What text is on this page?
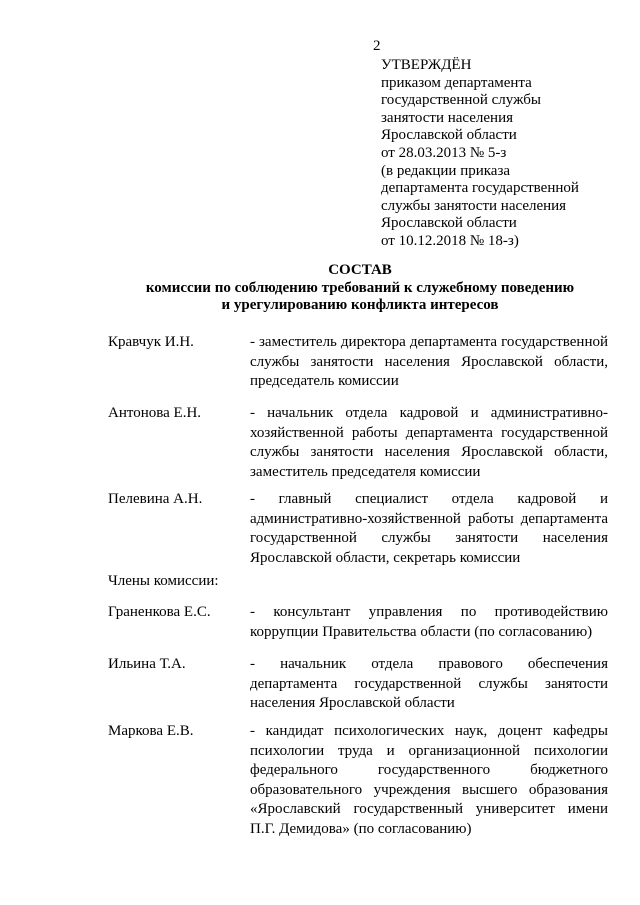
2
УТВЕРЖДЁН
приказом департамента
государственной службы
занятости населения
Ярославской области
от 28.03.2013 № 5-з
(в редакции приказа
департамента государственной
службы занятости населения
Ярославской области
от 10.12.2018 № 18-з)
СОСТАВ
комиссии по соблюдению требований к служебному поведению
и урегулированию конфликта интересов
Кравчук И.Н.	- заместитель директора департамента государственной службы занятости населения Ярославской области, председатель комиссии
Антонова Е.Н.	- начальник отдела кадровой и административно-хозяйственной работы департамента государственной службы занятости населения Ярославской области, заместитель председателя комиссии
Пелевина А.Н.	- главный специалист отдела кадровой и административно-хозяйственной работы департамента государственной службы занятости населения Ярославской области, секретарь комиссии
Члены комиссии:
Граненкова Е.С.	- консультант управления по противодействию коррупции Правительства области (по согласованию)
Ильина Т.А.	- начальник отдела правового обеспечения департамента государственной службы занятости населения Ярославской области
Маркова Е.В.	- кандидат психологических наук, доцент кафедры психологии труда и организационной психологии федерального государственного бюджетного образовательного учреждения высшего образования «Ярославский государственный университет имени П.Г. Демидова» (по согласованию)
